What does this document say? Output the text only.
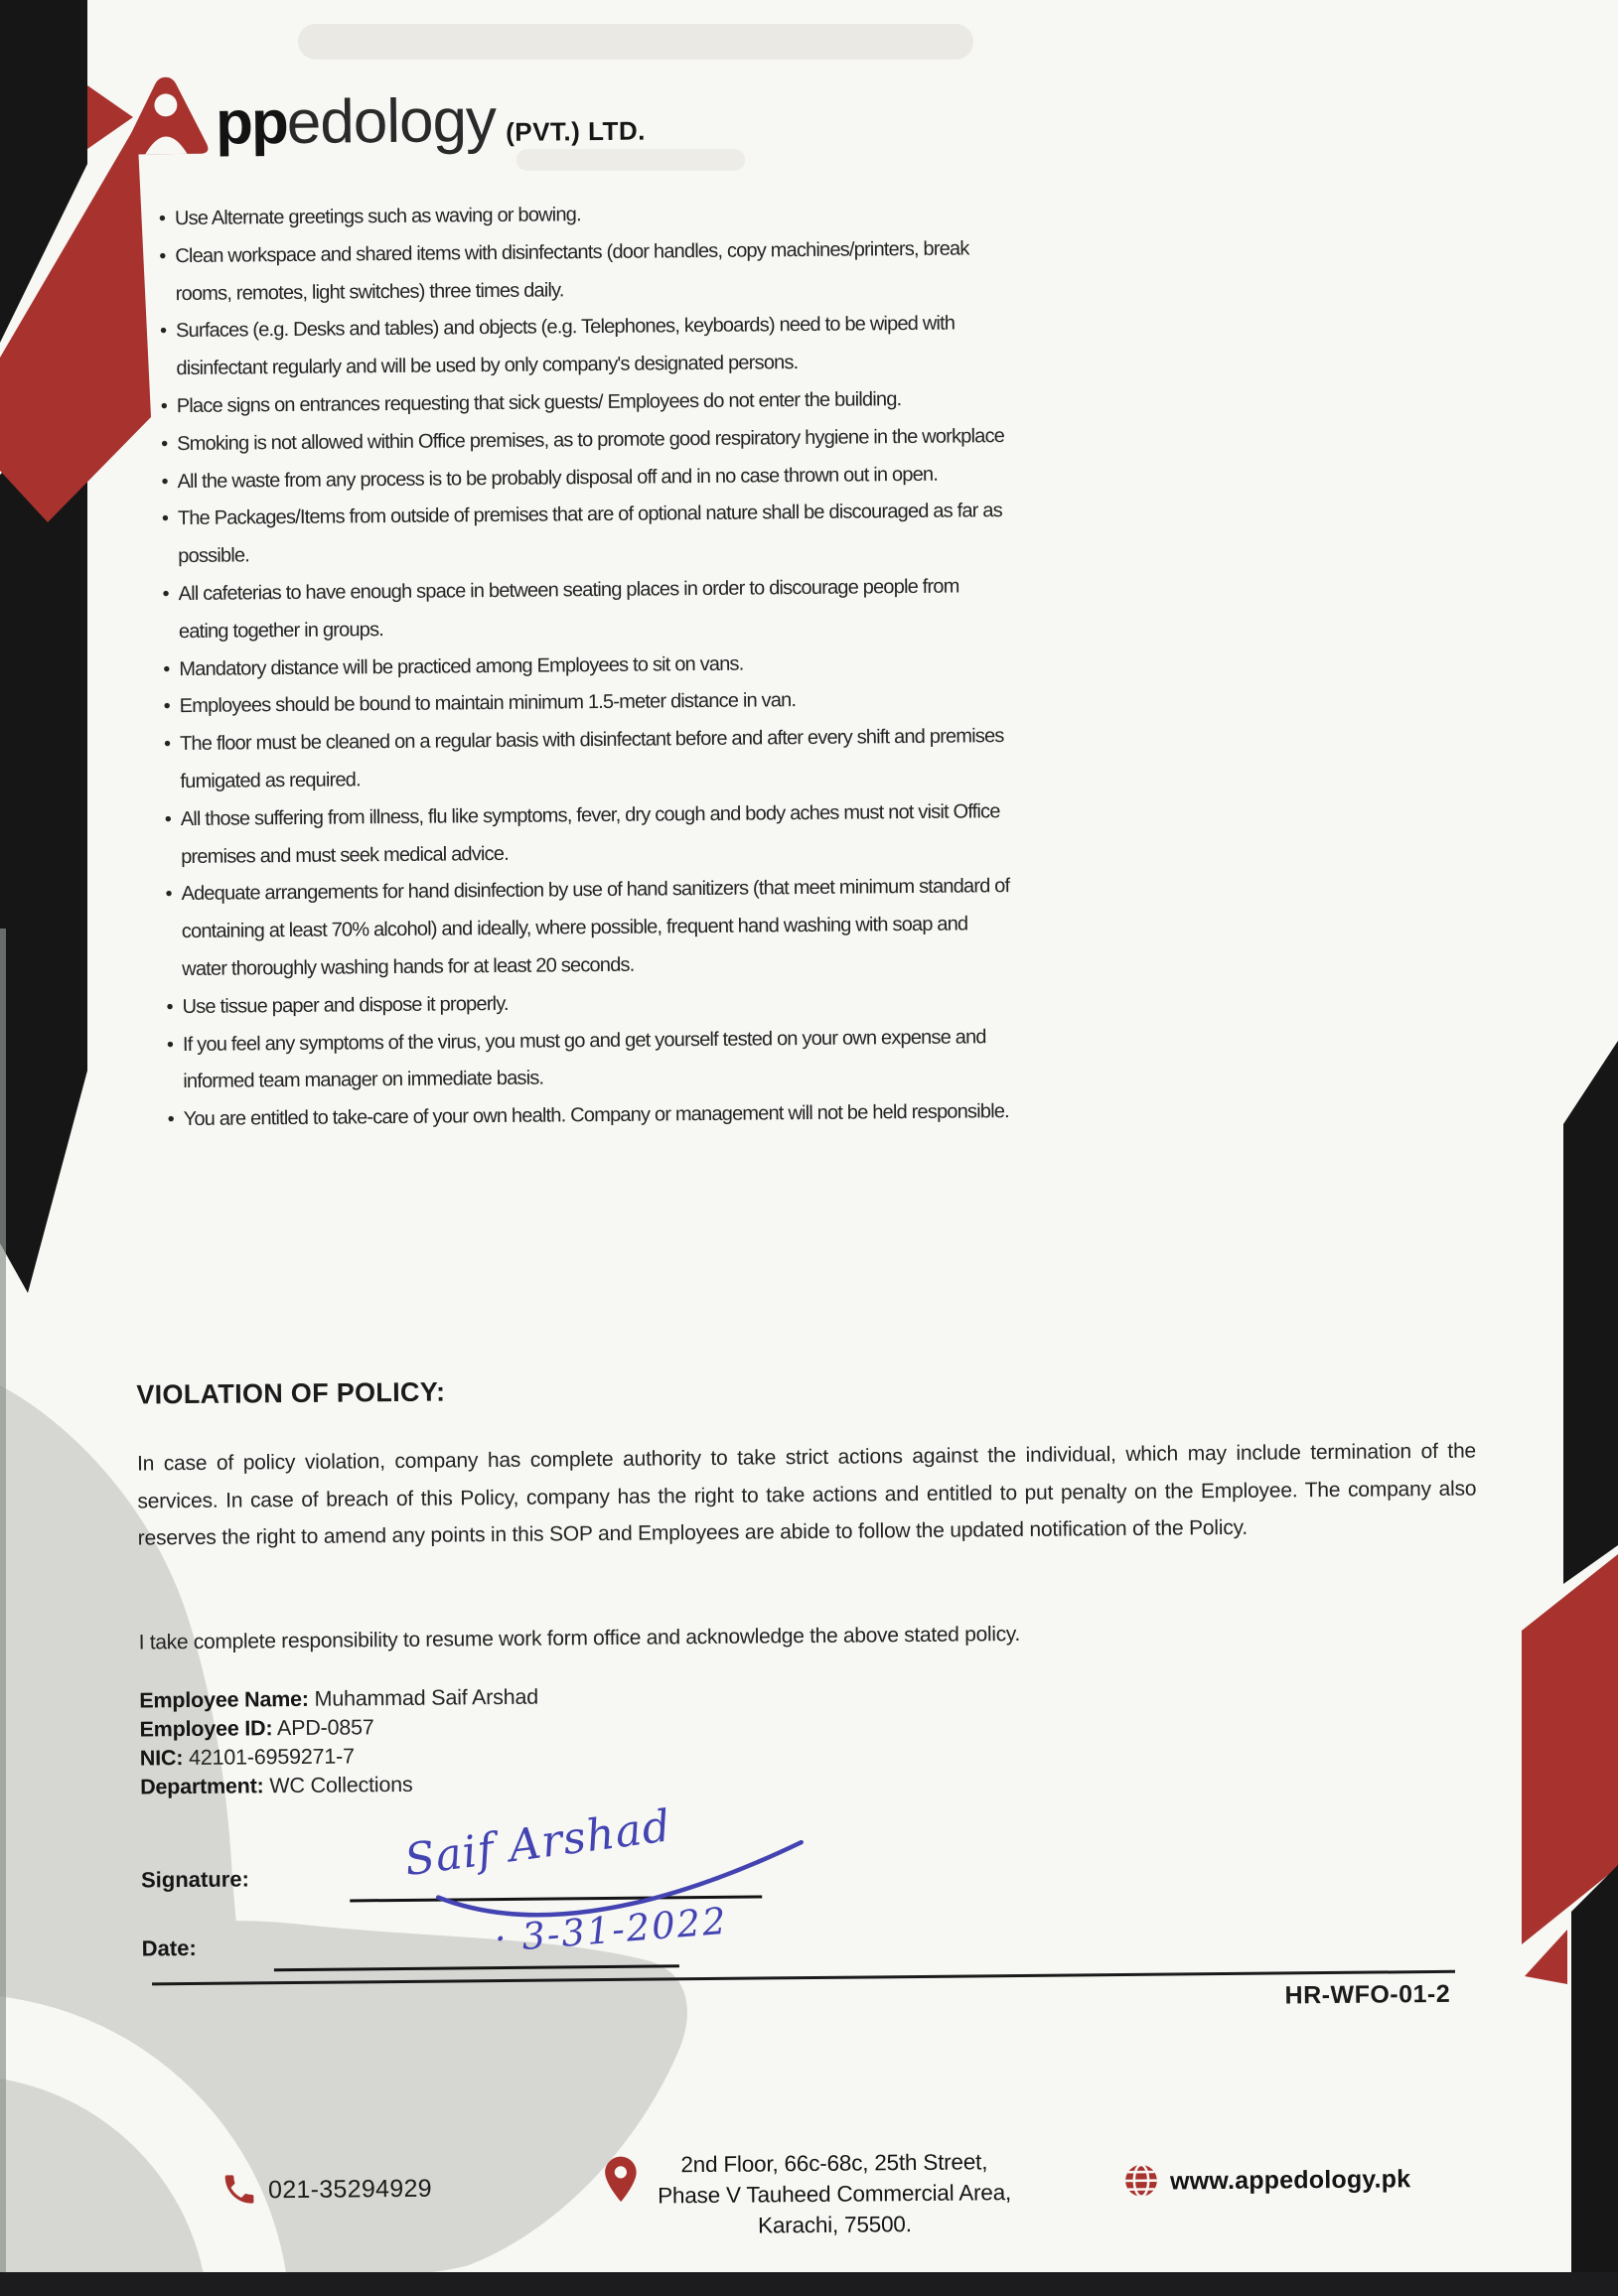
pp edology (PVT.) LTD.
• Use Alternate greetings such as waving or bowing.
• Clean workspace and shared items with disinfectants (door handles, copy machines/printers, break rooms, remotes, light switches) three times daily.
• Surfaces (e.g. Desks and tables) and objects (e.g. Telephones, keyboards) need to be wiped with disinfectant regularly and will be used by only company's designated persons.
• Place signs on entrances requesting that sick guests/ Employees do not enter the building.
• Smoking is not allowed within Office premises, as to promote good respiratory hygiene in the workplace
• All the waste from any process is to be probably disposal off and in no case thrown out in open.
• The Packages/Items from outside of premises that are of optional nature shall be discouraged as far as possible.
• All cafeterias to have enough space in between seating places in order to discourage people from eating together in groups.
• Mandatory distance will be practiced among Employees to sit on vans.
• Employees should be bound to maintain minimum 1.5-meter distance in van.
• The floor must be cleaned on a regular basis with disinfectant before and after every shift and premises fumigated as required.
• All those suffering from illness, flu like symptoms, fever, dry cough and body aches must not visit Office premises and must seek medical advice.
• Adequate arrangements for hand disinfection by use of hand sanitizers (that meet minimum standard of containing at least 70% alcohol) and ideally, where possible, frequent hand washing with soap and water thoroughly washing hands for at least 20 seconds.
• Use tissue paper and dispose it properly.
• If you feel any symptoms of the virus, you must go and get yourself tested on your own expense and informed team manager on immediate basis.
• You are entitled to take-care of your own health. Company or management will not be held responsible.
VIOLATION OF POLICY:
In case of policy violation, company has complete authority to take strict actions against the individual, which may include termination of the services. In case of breach of this Policy, company has the right to take actions and entitled to put penalty on the Employee. The company also reserves the right to amend any points in this SOP and Employees are abide to follow the updated notification of the Policy.
I take complete responsibility to resume work form office and acknowledge the above stated policy.
Employee Name: Muhammad Saif Arshad
Employee ID: APD-0857
NIC: 42101-6959271-7
Department: WC Collections
Signature:	Saif Arshad
Date:	· 3-31-2022
HR-WFO-01-2
021-35294929
2nd Floor, 66c-68c, 25th Street,
Phase V Tauheed Commercial Area,
Karachi, 75500.
www.appedology.pk
